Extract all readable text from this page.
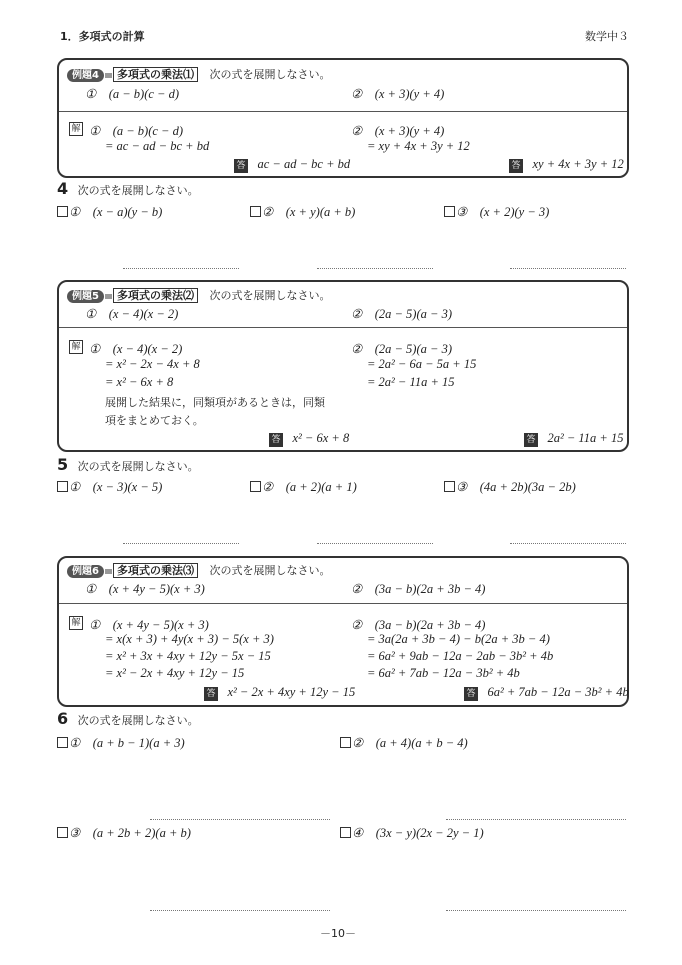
1．多項式の計算	数学中３
例題4 多項式の乗法⑴ 次の式を展開しなさい。
①　(a − b)(c − d)	②　(x + 3)(y + 4)
解 ①　(a − b)(c − d)
= ac − ad − bc + bd
②　(x + 3)(y + 4)
= xy + 4x + 3y + 12
答 ac − ad − bc + bd	答 xy + 4x + 3y + 12
4 次の式を展開しなさい。
①　(x − a)(y − b)	②　(x + y)(a + b)	③　(x + 2)(y − 3)
例題5 多項式の乗法⑵ 次の式を展開しなさい。
①　(x − 4)(x − 2)	②　(2a − 5)(a − 3)
解 ①　(x − 4)(x − 2)
= x² − 2x − 4x + 8
= x² − 6x + 8
展開した結果に，同類項があるときは，同類
項をまとめておく。
②　(2a − 5)(a − 3)
= 2a² − 6a − 5a + 15
= 2a² − 11a + 15
答 x² − 6x + 8	答 2a² − 11a + 15
5 次の式を展開しなさい。
①　(x − 3)(x − 5)	②　(a + 2)(a + 1)	③　(4a + 2b)(3a − 2b)
例題6 多項式の乗法⑶ 次の式を展開しなさい。
①　(x + 4y − 5)(x + 3)	②　(3a − b)(2a + 3b − 4)
解 ①　(x + 4y − 5)(x + 3)
= x(x + 3) + 4y(x + 3) − 5(x + 3)
= x² + 3x + 4xy + 12y − 5x − 15
= x² − 2x + 4xy + 12y − 15
②　(3a − b)(2a + 3b − 4)
= 3a(2a + 3b − 4) − b(2a + 3b − 4)
= 6a² + 9ab − 12a − 2ab − 3b² + 4b
= 6a² + 7ab − 12a − 3b² + 4b
答 x² − 2x + 4xy + 12y − 15	答 6a² + 7ab − 12a − 3b² + 4b
6 次の式を展開しなさい。
①　(a + b − 1)(a + 3)	②　(a + 4)(a + b − 4)
③　(a + 2b + 2)(a + b)	④　(3x − y)(2x − 2y − 1)
－10－
